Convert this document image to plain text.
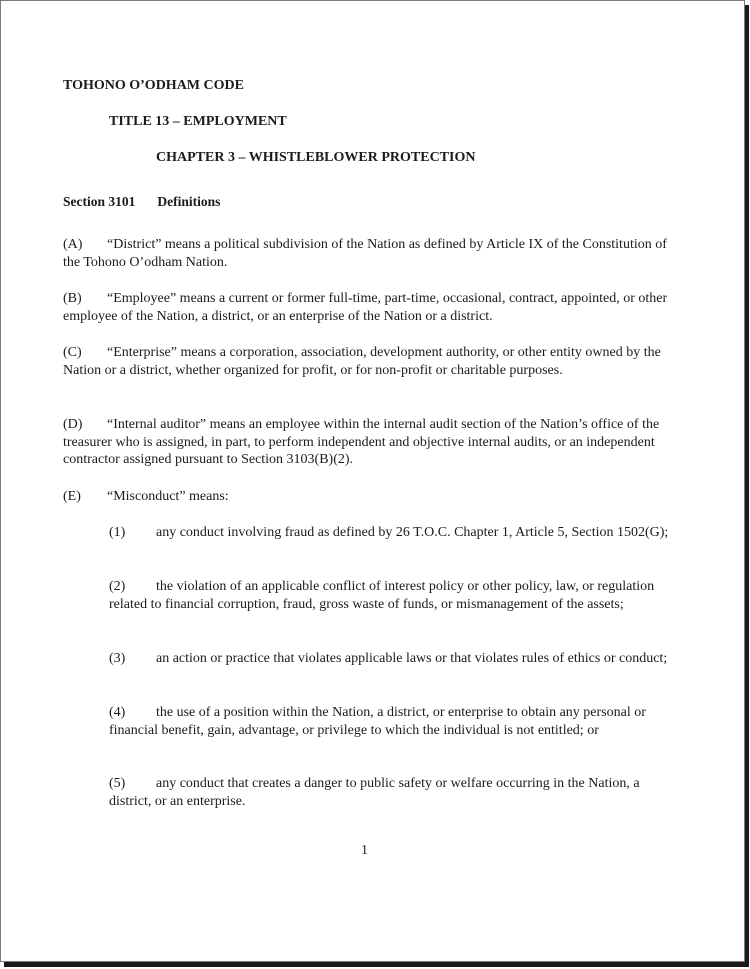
TOHONO O’ODHAM CODE
TITLE 13 – EMPLOYMENT
CHAPTER 3 – WHISTLEBLOWER PROTECTION
Section 3101 Definitions
(A) “District” means a political subdivision of the Nation as defined by Article IX of the Constitution of the Tohono O’odham Nation.
(B) “Employee” means a current or former full-time, part-time, occasional, contract, appointed, or other employee of the Nation, a district, or an enterprise of the Nation or a district.
(C) “Enterprise” means a corporation, association, development authority, or other entity owned by the Nation or a district, whether organized for profit, or for non-profit or charitable purposes.
(D) “Internal auditor” means an employee within the internal audit section of the Nation’s office of the treasurer who is assigned, in part, to perform independent and objective internal audits, or an independent contractor assigned pursuant to Section 3103(B)(2).
(E) “Misconduct” means:
(1) any conduct involving fraud as defined by 26 T.O.C. Chapter 1, Article 5, Section 1502(G);
(2) the violation of an applicable conflict of interest policy or other policy, law, or regulation related to financial corruption, fraud, gross waste of funds, or mismanagement of the assets;
(3) an action or practice that violates applicable laws or that violates rules of ethics or conduct;
(4) the use of a position within the Nation, a district, or enterprise to obtain any personal or financial benefit, gain, advantage, or privilege to which the individual is not entitled; or
(5) any conduct that creates a danger to public safety or welfare occurring in the Nation, a district, or an enterprise.
1
